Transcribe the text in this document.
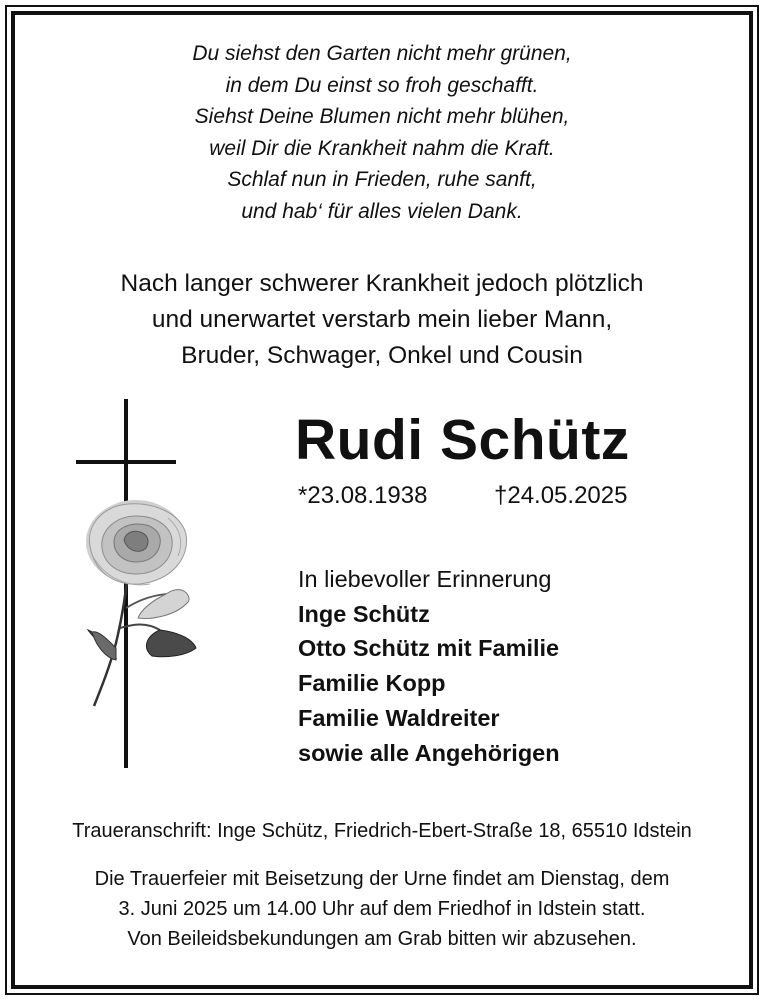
Du siehst den Garten nicht mehr grünen,
in dem Du einst so froh geschafft.
Siehst Deine Blumen nicht mehr blühen,
weil Dir die Krankheit nahm die Kraft.
Schlaf nun in Frieden, ruhe sanft,
und hab‘ für alles vielen Dank.
Nach langer schwerer Krankheit jedoch plötzlich
und unerwartet verstarb mein lieber Mann,
Bruder, Schwager, Onkel und Cousin
Rudi Schütz
*23.08.1938	†24.05.2025
In liebevoller Erinnerung
Inge Schütz
Otto Schütz mit Familie
Familie Kopp
Familie Waldreiter
sowie alle Angehörigen
Traueranschrift: Inge Schütz, Friedrich-Ebert-Straße 18, 65510 Idstein
Die Trauerfeier mit Beisetzung der Urne findet am Dienstag, dem
3. Juni 2025 um 14.00 Uhr auf dem Friedhof in Idstein statt.
Von Beileidsbekundungen am Grab bitten wir abzusehen.
